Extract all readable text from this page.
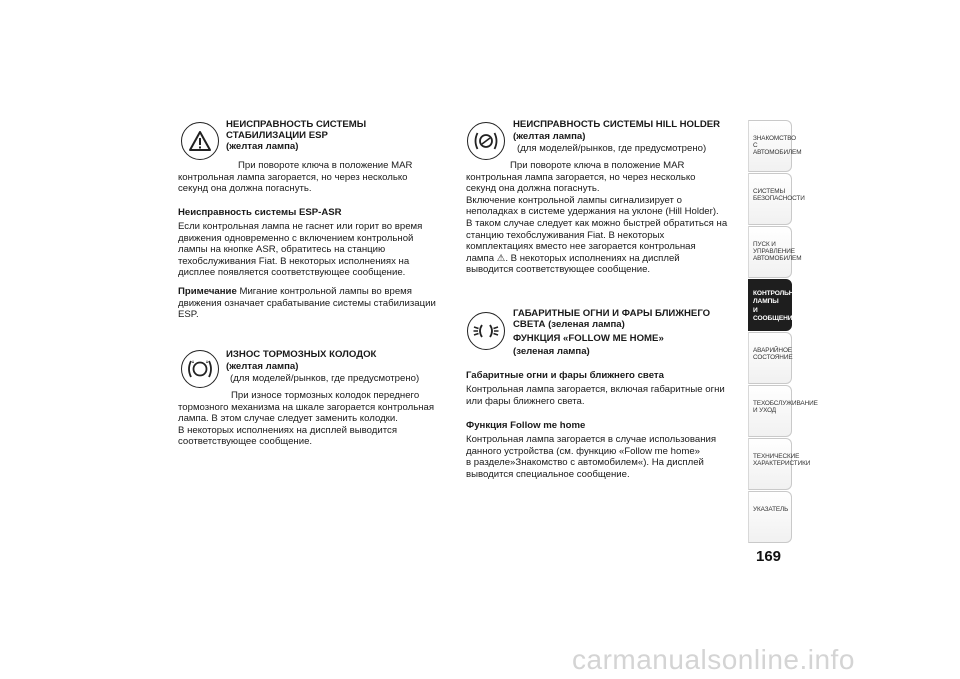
НЕИСПРАВНОСТЬ СИСТЕМЫ
СТАБИЛИЗАЦИИ ESP
(желтая лампа)
При повороте ключа в положение MAR
контрольная лампа загорается, но через несколько
секунд она должна погаснуть.
Неисправность системы ESP-ASR
Если контрольная лампа не гаснет или горит во время
движения одновременно с включением контрольной
лампы на кнопке ASR, обратитесь на станцию
техобслуживания Fiat. В некоторых исполнениях на
дисплее появляется соответствующее сообщение.
Примечание Мигание контрольной лампы во время
движения означает срабатывание системы стабилизации
ESP.
ИЗНОС ТОРМОЗНЫХ КОЛОДОК
(желтая лампа)
(для моделей/рынков, где предусмотрено)
При износе тормозных колодок переднего
тормозного механизма на шкале загорается контрольная
лампа. В этом случае следует заменить колодки.
В некоторых исполнениях на дисплей выводится
соответствующее сообщение.
НЕИСПРАВНОСТЬ СИСТЕМЫ HILL HOLDER
(желтая лампа)
(для моделей/рынков, где предусмотрено)
При повороте ключа в положение MAR
контрольная лампа загорается, но через несколько
секунд она должна погаснуть.
Включение контрольной лампы сигнализирует о
неполадках в системе удержания на уклоне (Hill Holder).
В таком случае следует как можно быстрей обратиться на
станцию техобслуживания Fiat. В некоторых
комплектациях вместо нее загорается контрольная
лампа ⚠. В некоторых исполнениях на дисплей
выводится соответствующее сообщение.
ГАБАРИТНЫЕ ОГНИ И ФАРЫ БЛИЖНЕГО
СВЕТА (зеленая лампа)
ФУНКЦИЯ «FOLLOW ME HOME»
(зеленая лампа)
Габаритные огни и фары ближнего света
Контрольная лампа загорается, включая габаритные огни
или фары ближнего света.
Функция Follow me home
Контрольная лампа загорается в случае использования
данного устройства (см. функцию «Follow me home»
в разделе»Знакомство с автомобилем«). На дисплей
выводится специальное сообщение.
ЗНАКОМСТВО С
АВТОМОБИЛЕМ
СИСТЕМЫ
БЕЗОПАСНОСТИ
ПУСК И УПРАВЛЕНИЕ
АВТОМОБИЛЕМ
КОНТРОЛЬНЫЕ
ЛАМПЫ
И СООБЩЕНИЯ
АВАРИЙНОЕ
СОСТОЯНИЕ
ТЕХОБСЛУЖИВАНИЕ
И УХОД
ТЕХНИЧЕСКИЕ
ХАРАКТЕРИСТИКИ
УКАЗАТЕЛЬ
169
carmanualsonline.info
